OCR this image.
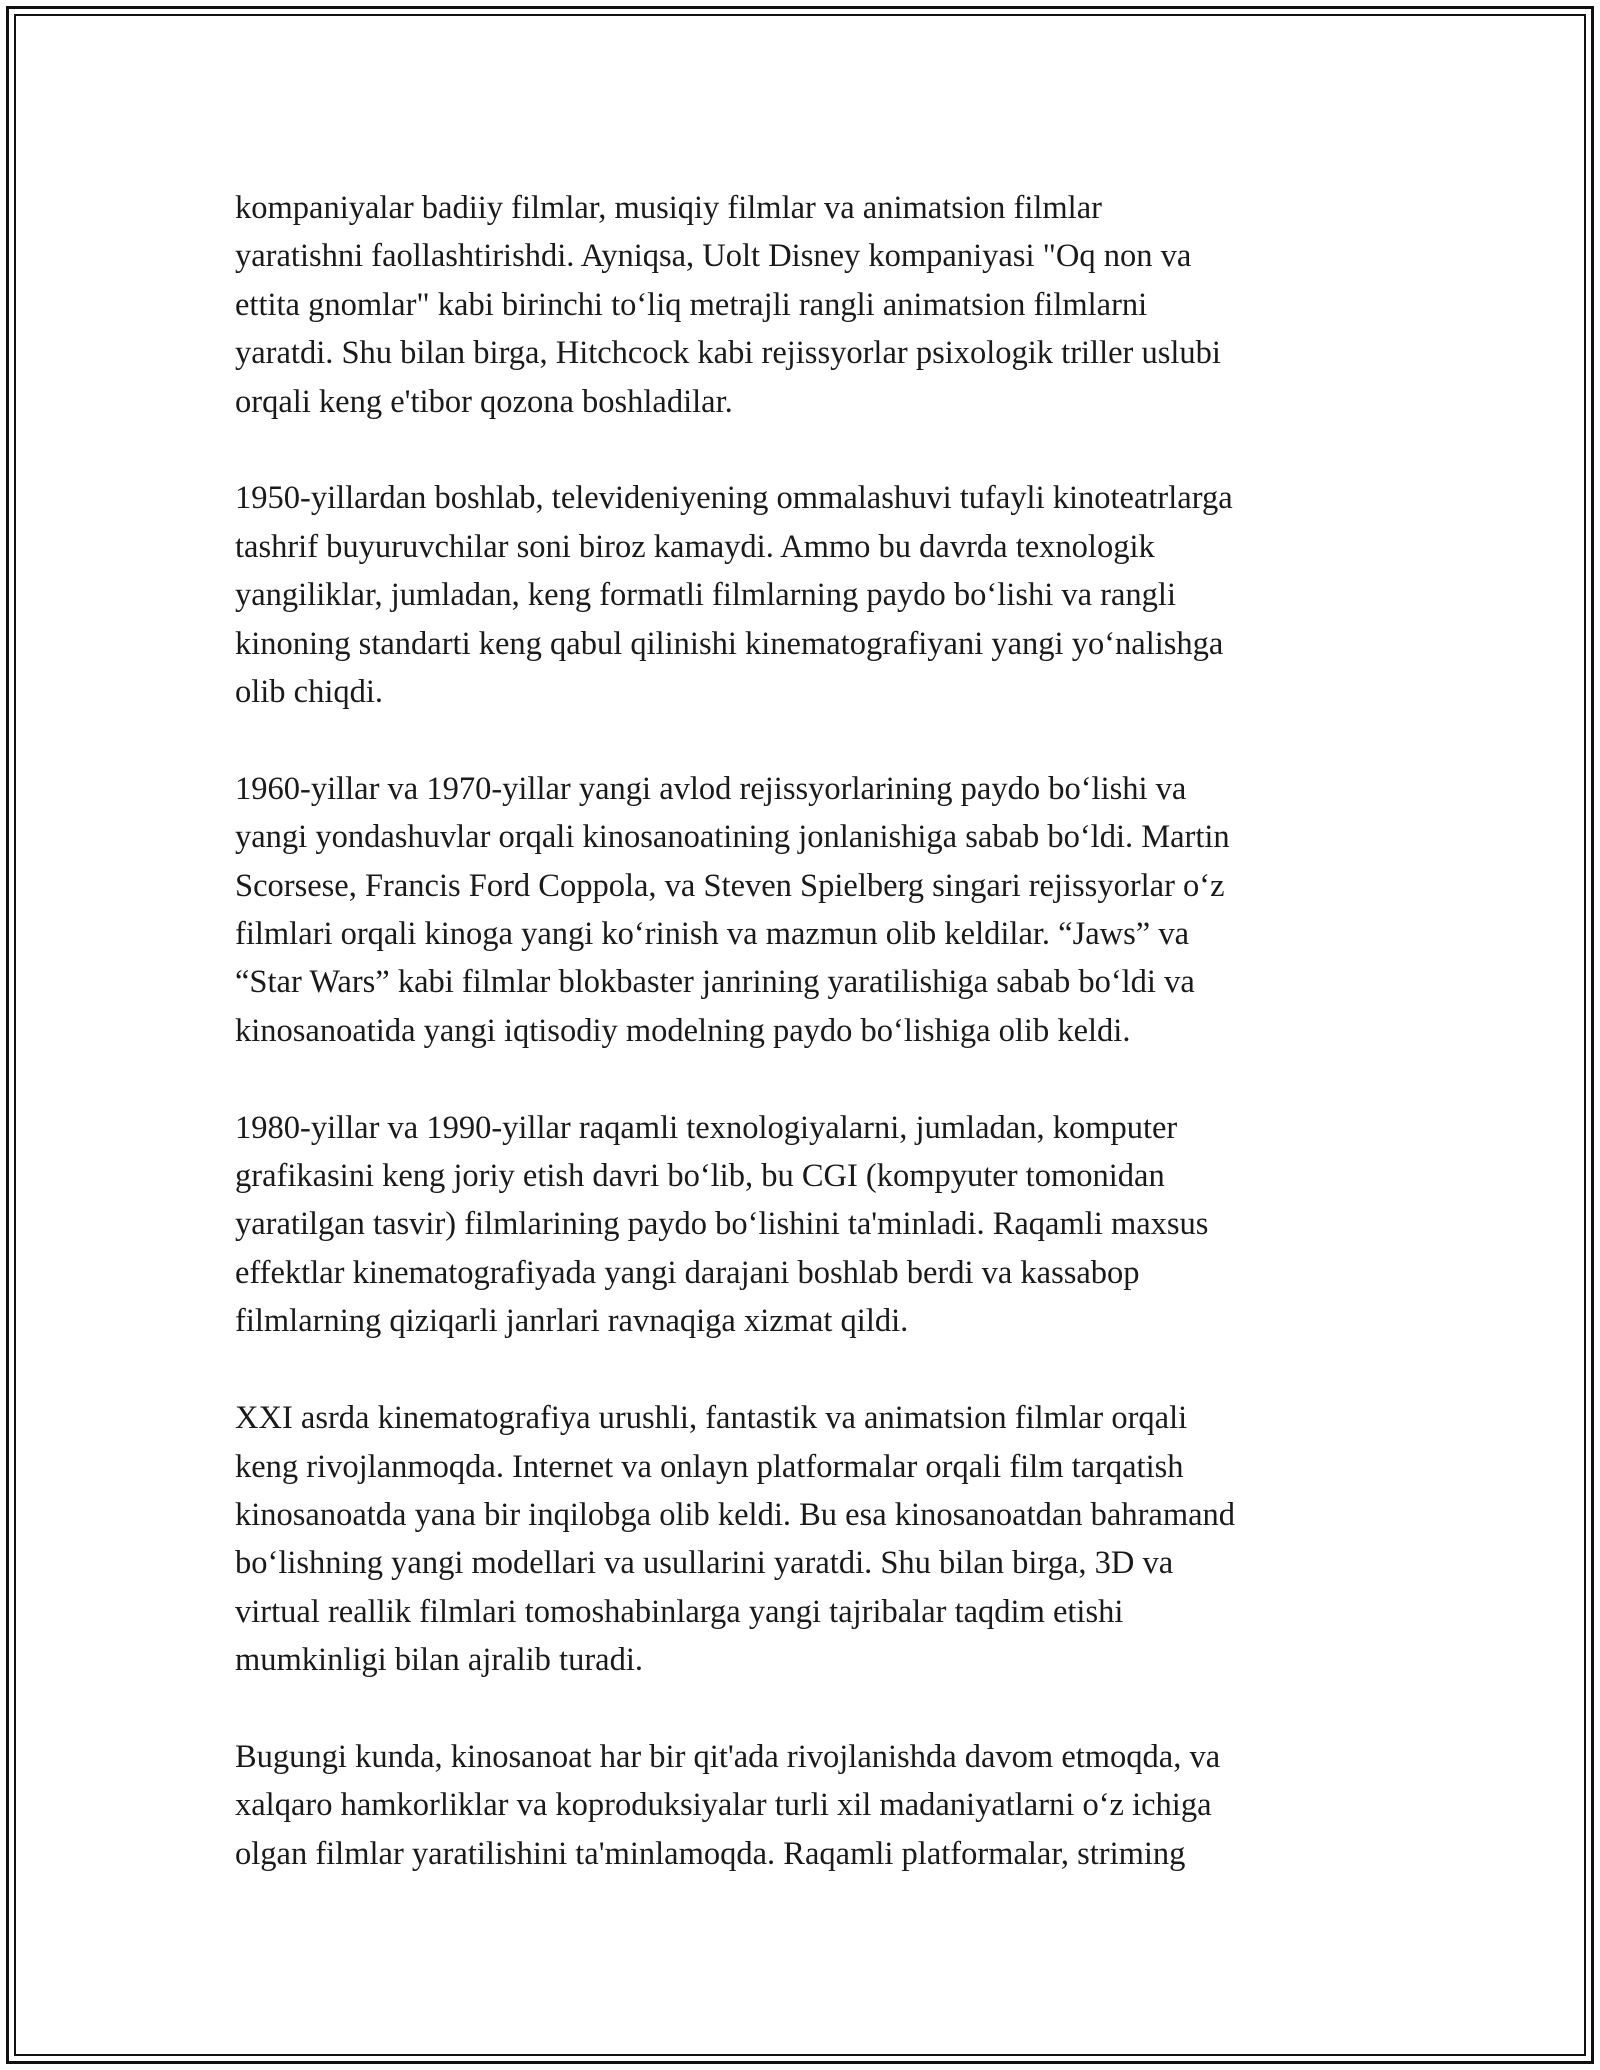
kompaniyalar badiiy filmlar, musiqiy filmlar va animatsion filmlar
yaratishni faollashtirishdi. Ayniqsa, Uolt Disney kompaniyasi "Oq non va
ettita gnomlar" kabi birinchi to‘liq metrajli rangli animatsion filmlarni
yaratdi. Shu bilan birga, Hitchcock kabi rejissyorlar psixologik triller uslubi
orqali keng e'tibor qozona boshladilar.

1950-yillardan boshlab, televideniyening ommalashuvi tufayli kinoteatrlarga
tashrif buyuruvchilar soni biroz kamaydi. Ammo bu davrda texnologik
yangiliklar, jumladan, keng formatli filmlarning paydo bo‘lishi va rangli
kinoning standarti keng qabul qilinishi kinematografiyani yangi yo‘nalishga
olib chiqdi.

1960-yillar va 1970-yillar yangi avlod rejissyorlarining paydo bo‘lishi va
yangi yondashuvlar orqali kinosanoatining jonlanishiga sabab bo‘ldi. Martin
Scorsese, Francis Ford Coppola, va Steven Spielberg singari rejissyorlar o‘z
filmlari orqali kinoga yangi ko‘rinish va mazmun olib keldilar. “Jaws” va
“Star Wars” kabi filmlar blokbaster janrining yaratilishiga sabab bo‘ldi va
kinosanoatida yangi iqtisodiy modelning paydo bo‘lishiga olib keldi.

1980-yillar va 1990-yillar raqamli texnologiyalarni, jumladan, komputer
grafikasini keng joriy etish davri bo‘lib, bu CGI (kompyuter tomonidan
yaratilgan tasvir) filmlarining paydo bo‘lishini ta'minladi. Raqamli maxsus
effektlar kinematografiyada yangi darajani boshlab berdi va kassabop
filmlarning qiziqarli janrlari ravnaqiga xizmat qildi.

XXI asrda kinematografiya urushli, fantastik va animatsion filmlar orqali
keng rivojlanmoqda. Internet va onlayn platformalar orqali film tarqatish
kinosanoatda yana bir inqilobga olib keldi. Bu esa kinosanoatdan bahramand
bo‘lishning yangi modellari va usullarini yaratdi. Shu bilan birga, 3D va
virtual reallik filmlari tomoshabinlarga yangi tajribalar taqdim etishi
mumkinligi bilan ajralib turadi.

Bugungi kunda, kinosanoat har bir qit'ada rivojlanishda davom etmoqda, va
xalqaro hamkorliklar va koproduksiyalar turli xil madaniyatlarni o‘z ichiga
olgan filmlar yaratilishini ta'minlamoqda. Raqamli platformalar, striming
